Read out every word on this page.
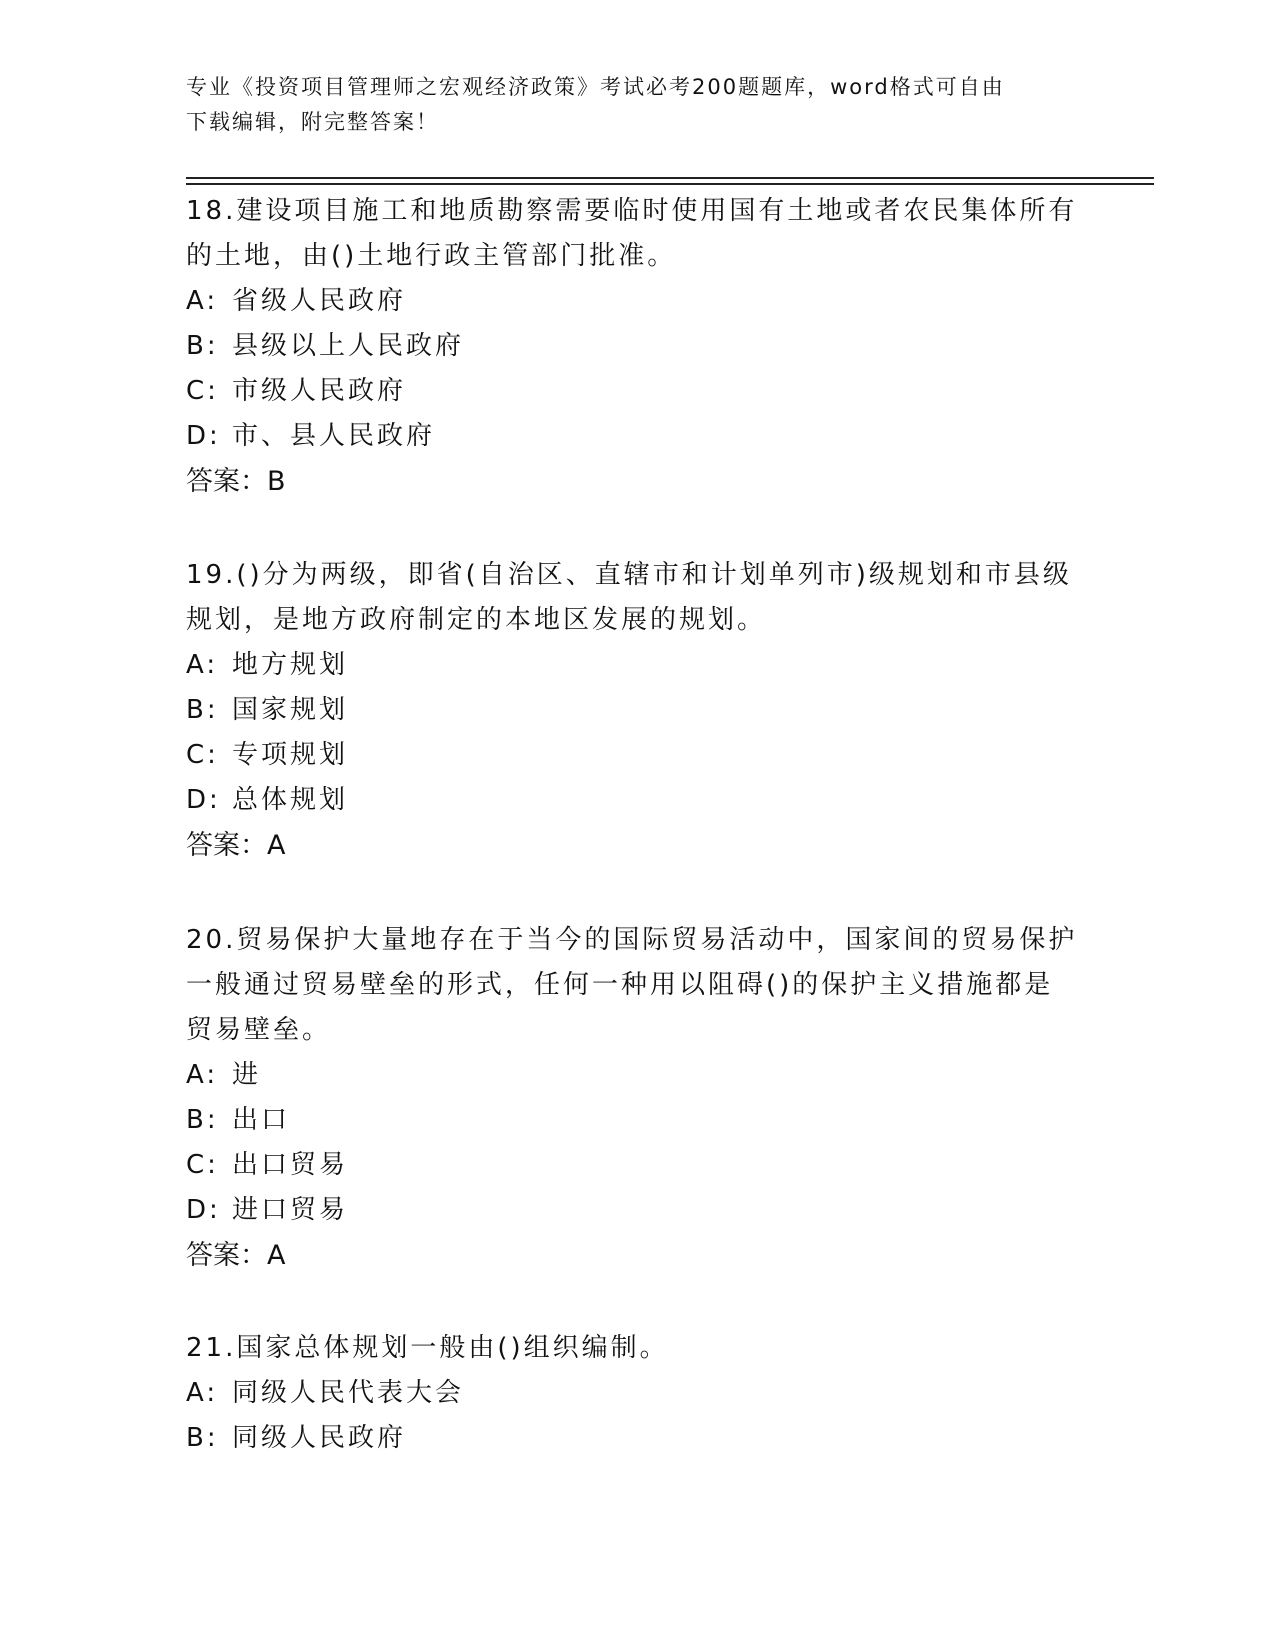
专业《投资项目管理师之宏观经济政策》考试必考200题题库，word格式可自由
下载编辑，附完整答案！
18.建设项目施工和地质勘察需要临时使用国有土地或者农民集体所有
的土地，由()土地行政主管部门批准。
A: 省级人民政府
B: 县级以上人民政府
C: 市级人民政府
D: 市、县人民政府
答案：B
19.()分为两级，即省(自治区、直辖市和计划单列市)级规划和市县级
规划，是地方政府制定的本地区发展的规划。
A: 地方规划
B: 国家规划
C: 专项规划
D: 总体规划
答案：A
20.贸易保护大量地存在于当今的国际贸易活动中，国家间的贸易保护
一般通过贸易壁垒的形式，任何一种用以阻碍()的保护主义措施都是
贸易壁垒。
A: 进
B: 出口
C: 出口贸易
D: 进口贸易
答案：A
21.国家总体规划一般由()组织编制。
A: 同级人民代表大会
B: 同级人民政府
